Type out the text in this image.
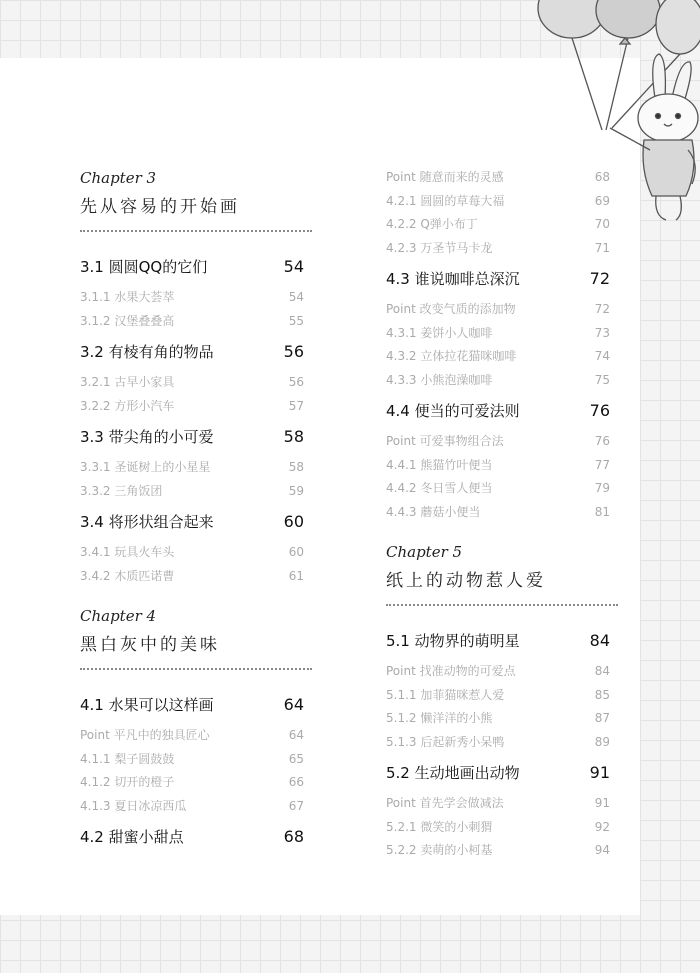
Chapter 3
先从容易的开始画
3.1 圆圆QQ的它们	54
3.1.1 水果大荟萃	54
3.1.2 汉堡叠叠高	55
3.2 有棱有角的物品	56
3.2.1 古早小家具	56
3.2.2 方形小汽车	57
3.3 带尖角的小可爱	58
3.3.1 圣诞树上的小星星	58
3.3.2 三角饭团	59
3.4 将形状组合起来	60
3.4.1 玩具火车头	60
3.4.2 木质匹诺曹	61
Chapter 4
黑白灰中的美味
4.1 水果可以这样画	64
Point 平凡中的独具匠心	64
4.1.1 梨子圆鼓鼓	65
4.1.2 切开的橙子	66
4.1.3 夏日冰凉西瓜	67
4.2 甜蜜小甜点	68
Point 随意而来的灵感	68
4.2.1 圆圆的草莓大福	69
4.2.2 Q弹小布丁	70
4.2.3 万圣节马卡龙	71
4.3 谁说咖啡总深沉	72
Point 改变气质的添加物	72
4.3.1 姜饼小人咖啡	73
4.3.2 立体拉花猫咪咖啡	74
4.3.3 小熊泡澡咖啡	75
4.4 便当的可爱法则	76
Point 可爱事物组合法	76
4.4.1 熊猫竹叶便当	77
4.4.2 冬日雪人便当	79
4.4.3 蘑菇小便当	81
Chapter 5
纸上的动物惹人爱
5.1 动物界的萌明星	84
Point 找准动物的可爱点	84
5.1.1 加菲猫咪惹人爱	85
5.1.2 懒洋洋的小熊	87
5.1.3 后起新秀小呆鸭	89
5.2 生动地画出动物	91
Point 首先学会做减法	91
5.2.1 微笑的小刺猬	92
5.2.2 卖萌的小柯基	94
